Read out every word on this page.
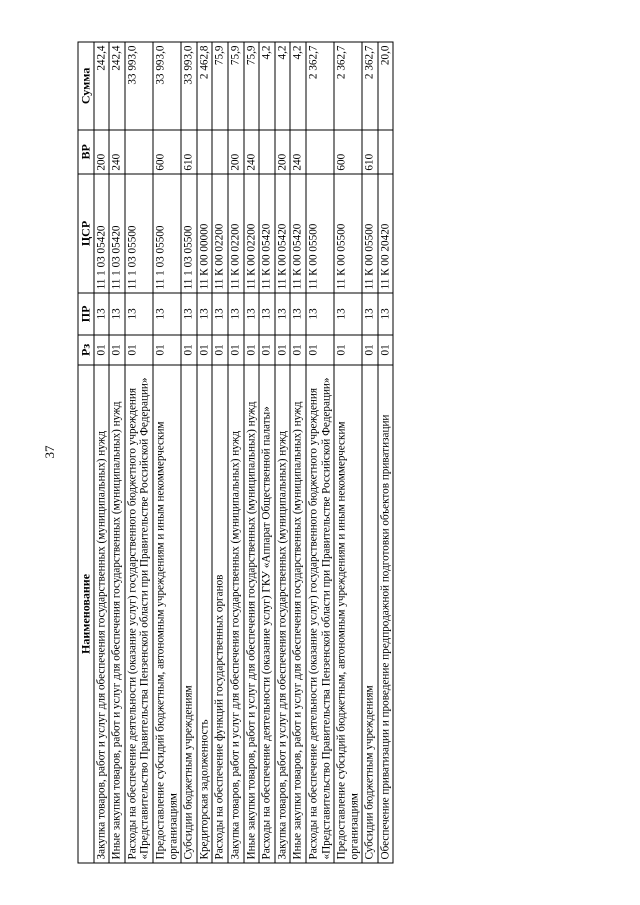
37
Наименование	Рз	ПР	ЦСР	ВР	Сумма
Закупка товаров, работ и услуг для обеспечения государственных (муниципальных) нужд	01	13	11 1 03 05420	200	242,4
Иные закупки товаров, работ и услуг для обеспечения государственных (муниципальных) нужд	01	13	11 1 03 05420	240	242,4
Расходы на обеспечение деятельности (оказание услуг) государственного бюджетного учреждения «Представительство Правительства Пензенской области при Правительстве Российской Федерации»	01	13	11 1 03 05500		33 993,0
Предоставление субсидий бюджетным, автономным учреждениям и иным некоммерческим организациям	01	13	11 1 03 05500	600	33 993,0
Субсидии бюджетным учреждениям	01	13	11 1 03 05500	610	33 993,0
Кредиторская задолженность	01	13	11 К 00 00000		2 462,8
Расходы на обеспечение функций государственных органов	01	13	11 К 00 02200		75,9
Закупка товаров, работ и услуг для обеспечения государственных (муниципальных) нужд	01	13	11 К 00 02200	200	75,9
Иные закупки товаров, работ и услуг для обеспечения государственных (муниципальных) нужд	01	13	11 К 00 02200	240	75,9
Расходы на обеспечение деятельности (оказание услуг) ГКУ «Аппарат Общественной палаты»	01	13	11 К 00 05420		4,2
Закупка товаров, работ и услуг для обеспечения государственных (муниципальных) нужд	01	13	11 К 00 05420	200	4,2
Иные закупки товаров, работ и услуг для обеспечения государственных (муниципальных) нужд	01	13	11 К 00 05420	240	4,2
Расходы на обеспечение деятельности (оказание услуг) государственного бюджетного учреждения «Представительство Правительства Пензенской области при Правительстве Российской Федерации»	01	13	11 К 00 05500		2 362,7
Предоставление субсидий бюджетным, автономным учреждениям и иным некоммерческим организациям	01	13	11 К 00 05500	600	2 362,7
Субсидии бюджетным учреждениям	01	13	11 К 00 05500	610	2 362,7
Обеспечение приватизации и проведение предпродажной подготовки объектов приватизации	01	13	11 К 00 20420		20,0
